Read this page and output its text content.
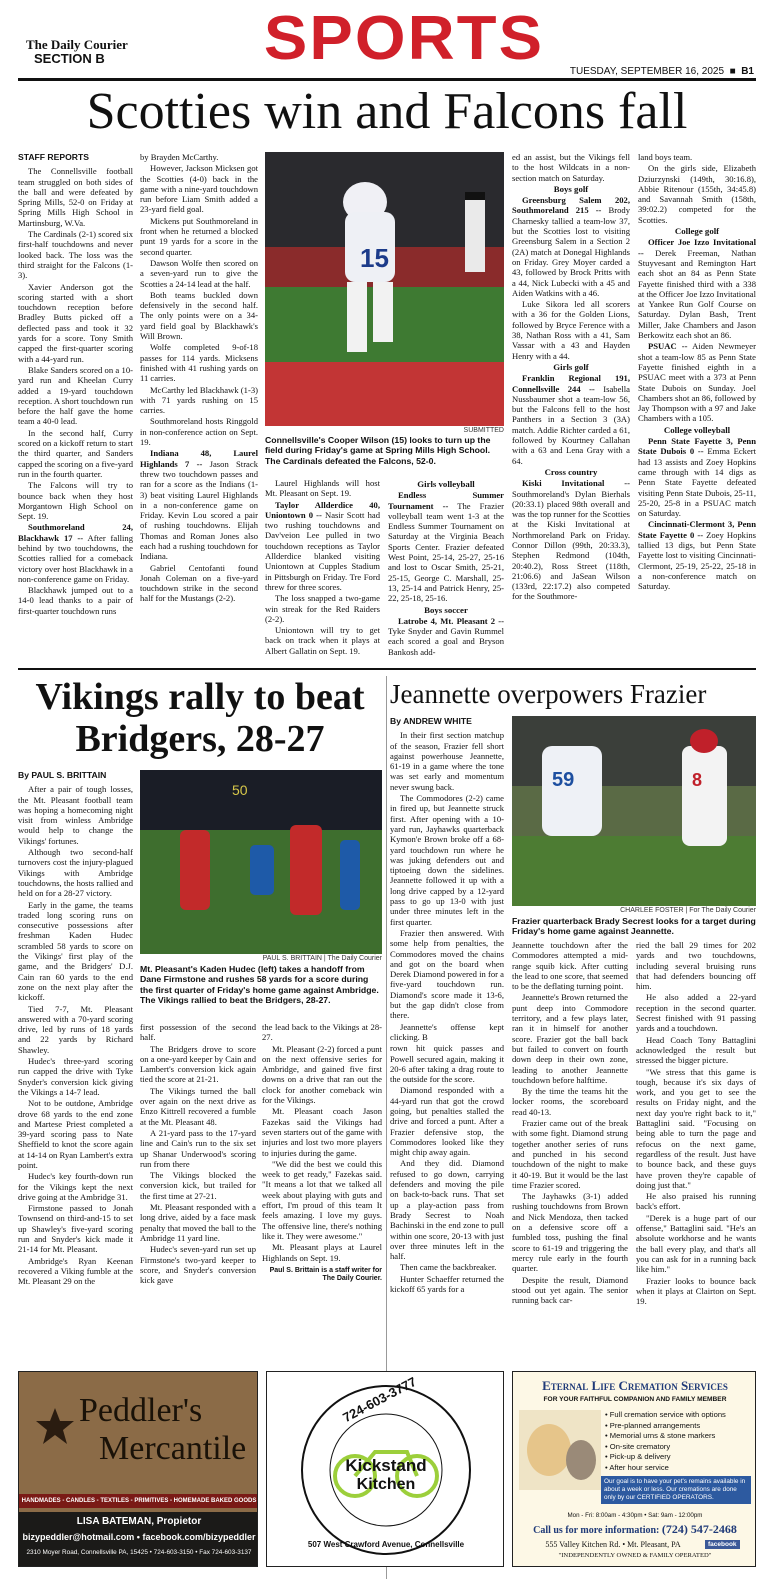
The Daily Courier
SECTION B	SPORTS	TUESDAY, SEPTEMBER 16, 2025  ■  B1
Scotties win and Falcons fall
STAFF REPORTS

The Connellsville football team struggled on both sides of the ball and were defeated by Spring Mills, 52-0 on Friday at Spring Mills High School in Martinsburg, W.Va.

The Cardinals (2-1) scored six first-half touchdowns and never looked back. The loss was the third straight for the Falcons (1-3).

Xavier Anderson got the scoring started with a short touchdown reception before Bradley Butts picked off a deflected pass and took it 32 yards for a score. Tony Smith capped the first-quarter scoring with a 44-yard run.

Blake Sanders scored on a 10-yard run and Kheelan Curry added a 19-yard touchdown reception. A short touchdown run before the half gave the home team a 40-0 lead.

In the second half, Curry scored on a kickoff return to start the third quarter, and Sanders capped the scoring on a five-yard run in the fourth quarter.

The Falcons will try to bounce back when they host Morgantown High School on Sept. 19.

Southmoreland 24, Blackhawk 17 -- After falling behind by two touchdowns, the Scotties rallied for a comeback victory over host Blackhawk in a non-conference game on Friday.

Blackhawk jumped out to a 14-0 lead thanks to a pair of first-quarter touchdown runs

by Brayden McCarthy.

However, Jackson Micksen got the Scotties (4-0) back in the game with a nine-yard touchdown run before Liam Smith added a 23-yard field goal.

Mickens put Southmoreland in front when he returned a blocked punt 19 yards for a score in the second quarter.

Dawson Wolfe then scored on a seven-yard run to give the Scotties a 24-14 lead at the half.

Both teams buckled down defensively in the second half. The only points were on a 34-yard field goal by Blackhawk's Will Brown.

Wolfe completed 9-of-18 passes for 114 yards. Micksens finished with 41 rushing yards on 11 carries.

McCarthy led Blackhawk (1-3) with 71 yards rushing on 15 carries.

Southmoreland hosts Ringgold in non-conference action on Sept. 19.

Indiana 48, Laurel Highlands 7 -- Jason Strack threw two touchdown passes and ran for a score as the Indians (1-3) beat visiting Laurel Highlands in a non-conference game on Friday. Kevin Lou scored a pair of rushing touchdowns. Elijah Thomas and Roman Jones also each had a rushing touchdown for Indiana.

Gabriel Centofanti found Jonah Coleman on a five-yard touchdown strike in the second half for the Mustangs (2-2).

15
SUBMITTED
Connellsville's Cooper Wilson (15) looks to turn up the field during Friday's game at Spring Mills High School. The Cardinals defeated the Falcons, 52-0.

Laurel Highlands will host Mt. Pleasant on Sept. 19.

Taylor Allderdice 40, Uniontown 0 -- Nasir Scott had two rushing touchdowns and Dav'veion Lee pulled in two touchdown receptions as Taylor Allderdice blanked visiting Uniontown at Cupples Stadium in Pittsburgh on Friday. Tre Ford threw for three scores.

The loss snapped a two-game win streak for the Red Raiders (2-2).

Uniontown will try to get back on track when it plays at Albert Gallatin on Sept. 19.

Girls volleyball

Endless Summer Tournament -- The Frazier volleyball team went 1-3 at the Endless Summer Tournament on Saturday at the Virginia Beach Sports Center. Frazier defeated West Point, 25-14, 25-27, 25-16 and lost to Oscar Smith, 25-21, 25-15, George C. Marshall, 25-13, 25-14 and Patrick Henry, 25-22, 25-18, 25-16.

Boys soccer

Latrobe 4, Mt. Pleasant 2 -- Tyke Snyder and Gavin Rummel each scored a goal and Bryson Bankosh add-

ed an assist, but the Vikings fell to the host Wildcats in a non-section match on Saturday.

Boys golf

Greensburg Salem 202, Southmoreland 215 -- Brody Charnesky tallied a team-low 37, but the Scotties lost to visiting Greensburg Salem in a Section 2 (2A) match at Donegal Highlands on Friday. Grey Moyer carded a 43, followed by Brock Pritts with a 44, Nick Lubecki with a 45 and Aiden Watkins with a 46.

Luke Sikora led all scorers with a 36 for the Golden Lions, followed by Bryce Ference with a 38, Nathan Ross with a 41, Sam Vassar with a 43 and Hayden Henry with a 44.

Girls golf

Franklin Regional 191, Connellsville 244 -- Isabella Nussbaumer shot a team-low 56, but the Falcons fell to the host Panthers in a Section 3 (3A) match. Addie Richter carded a 61, followed by Kourtney Callahan with a 63 and Lena Gray with a 64.

Cross country

Kiski Invitational -- Southmoreland's Dylan Bierhals (20:33.1) placed 98th overall and was the top runner for the Scotties at the Kiski Invitational at Northmoreland Park on Friday. Connor Dillon (99th, 20:33.3), Stephen Redmond (104th, 20:40.2), Ross Street (118th, 21:06.6) and JaSean Wilson (133rd, 22:17.2) also competed for the Southmore-

land boys team.

On the girls side, Elizabeth Dziurzynski (149th, 30:16.8), Abbie Ritenour (155th, 34:45.8) and Savannah Smith (158th, 39:02.2) competed for the Scotties.

College golf

Officer Joe Izzo Invitational -- Derek Freeman, Nathan Stuyvesant and Remington Hart each shot an 84 as Penn State Fayette finished third with a 338 at the Officer Joe Izzo Invitational at Yankee Run Golf Course on Saturday. Dylan Bash, Trent Miller, Jake Chambers and Jason Berkowitz each shot an 86.

PSUAC -- Aiden Newmeyer shot a team-low 85 as Penn State Fayette finished eighth in a PSUAC meet with a 373 at Penn State Dubois on Sunday. Joel Chambers shot an 86, followed by Jay Thompson with a 97 and Jake Chambers with a 105.

College volleyball

Penn State Fayette 3, Penn State Dubois 0 -- Emma Eckert had 13 assists and Zoey Hopkins came through with 14 digs as Penn State Fayette defeated visiting Penn State Dubois, 25-11, 25-20, 25-8 in a PSUAC match on Saturday.

Cincinnati-Clermont 3, Penn State Fayette 0 -- Zoey Hopkins tallied 13 digs, but Penn State Fayette lost to visiting Cincinnati-Clermont, 25-19, 25-22, 25-18 in a non-conference match on Saturday.

Vikings rally to beat Bridgers, 28-27
By PAUL S. BRITTAIN

After a pair of tough losses, the Mt. Pleasant football team was hoping a homecoming night visit from winless Ambridge would help to change the Vikings' fortunes.

Although two second-half turnovers cost the injury-plagued Vikings with Ambridge touchdowns, the hosts rallied and held on for a 28-27 victory.

Early in the game, the teams traded long scoring runs on consecutive possessions after freshman Kaden Hudec scrambled 58 yards to score on the Vikings' first play of the game, and the Bridgers' D.J. Cain ran 60 yards to the end zone on the next play after the kickoff.

Tied 7-7, Mt. Pleasant answered with a 70-yard scoring drive, led by runs of 18 yards and 22 yards by Richard Shawley.

Hudec's three-yard scoring run capped the drive with Tyke Snyder's conversion kick giving the Vikings a 14-7 lead.

Not to be outdone, Ambridge drove 68 yards to the end zone and Martese Priest completed a 39-yard scoring pass to Nate Sheffield to knot the score again at 14-14 on Ryan Lambert's extra point.

Hudec's key fourth-down run for the Vikings kept the next drive going at the Ambridge 31.

Firmstone passed to Jonah Townsend on third-and-15 to set up Shawley's five-yard scoring run and Snyder's kick made it 21-14 for Mt. Pleasant.

Ambridge's Ryan Keenan recovered a Viking fumble at the Mt. Pleasant 29 on the

50
PAUL S. BRITTAIN | The Daily Courier
Mt. Pleasant's Kaden Hudec (left) takes a handoff from Dane Firmstone and rushes 58 yards for a score during the first quarter of Friday's home game against Ambridge. The Vikings rallied to beat the Bridgers, 28-27.

first possession of the second half.

The Bridgers drove to score on a one-yard keeper by Cain and Lambert's conversion kick again tied the score at 21-21.

The Vikings turned the ball over again on the next drive as Enzo Kittrell recovered a fumble at the Mt. Pleasant 48.

A 21-yard pass to the 17-yard line and Cain's run to the six set up Shanar Underwood's scoring run from there

The Vikings blocked the conversion kick, but trailed for the first time at 27-21.

Mt. Pleasant responded with a long drive, aided by a face mask penalty that moved the ball to the Ambridge 11 yard line.

Hudec's seven-yard run set up Firmstone's two-yard keeper to score, and Snyder's conversion kick gave

the lead back to the Vikings at 28-27.

Mt. Pleasant (2-2) forced a punt on the next offensive series for Ambridge, and gained five first downs on a drive that ran out the clock for another comeback win for the Vikings.

Mt. Pleasant coach Jason Fazekas said the Vikings had seven starters out of the game with injuries and lost two more players to injuries during the game.

"We did the best we could this week to get ready," Fazekas said. "It means a lot that we talked all week about playing with guts and effort, I'm proud of this team It feels amazing. I love my guys. The offensive line, there's nothing like it. They were awesome."

Mt. Pleasant plays at Laurel Highlands on Sept. 19.

Paul S. Brittain is a staff writer for The Daily Courier.

Jeannette overpowers Frazier
By ANDREW WHITE

In their first section matchup of the season, Frazier fell short against powerhouse Jeannette, 61-19 in a game where the tone was set early and momentum never swung back.

The Commodores (2-2) came in fired up, but Jeannette struck first. After opening with a 10-yard run, Jayhawks quarterback Kymon'e Brown broke off a 68-yard touchdown run where he was juking defenders out and tiptoeing down the sidelines. Jeannette followed it up with a long drive capped by a 12-yard pass to go up 13-0 with just under three minutes left in the first quarter.

Frazier then answered. With some help from penalties, the Commodores moved the chains and got on the board when Derek Diamond powered in for a five-yard touchdown run. Diamond's score made it 13-6, but the gap didn't close from there.

Jeannette's offense kept clicking. B

rown hit quick passes and Powell secured again, making it 20-6 after taking a drag route to the outside for the score.

Diamond responded with a 44-yard run that got the crowd going, but penalties stalled the drive and forced a punt. After a Frazier defensive stop, the Commodores looked like they might chip away again.

And they did. Diamond refused to go down, carrying defenders and moving the pile on back-to-back runs. That set up a play-action pass from Brady Secrest to Noah Bachinski in the end zone to pull within one score, 20-13 with just over three minutes left in the half.

Then came the backbreaker.

Hunter Schaeffer returned the kickoff 65 yards for a

59	8
CHARLEE FOSTER | For The Daily Courier
Frazier quarterback Brady Secrest looks for a target during Friday's home game against Jeannette.

Jeannette touchdown after the Commodores attempted a mid-range squib kick. After cutting the lead to one score, that seemed to be the deflating turning point.

Jeannette's Brown returned the punt deep into Commodore territory, and a few plays later, ran it in himself for another score. Frazier got the ball back but failed to convert on fourth down deep in their own zone, leading to another Jeannette touchdown before halftime.

By the time the teams hit the locker rooms, the scoreboard read 40-13.

Frazier came out of the break with some fight. Diamond strung together another series of runs and punched in his second touchdown of the night to make it 40-19. But it would be the last time Frazier scored.

The Jayhawks (3-1) added rushing touchdowns from Brown and Nick Mendoza, then tacked on a defensive score off a fumbled toss, pushing the final score to 61-19 and triggering the mercy rule early in the fourth quarter.

Despite the result, Diamond stood out yet again. The senior running back car-

ried the ball 29 times for 202 yards and two touchdowns, including several bruising runs that had defenders bouncing off him.

He also added a 22-yard reception in the second quarter. Secrest finished with 91 passing yards and a touchdown.

Head Coach Tony Battaglini acknowledged the result but stressed the bigger picture.

"We stress that this game is tough, because it's six days of work, and you get to see the results on Friday night, and the next day you're right back to it," Battaglini said. "Focusing on being able to turn the page and refocus on the next game, regardless of the result. Just have to bounce back, and these guys have proven they're capable of doing just that."

He also praised his running back's effort.

"Derek is a huge part of our offense," Battaglini said. "He's an absolute workhorse and he wants the ball every play, and that's all you can ask for in a running back like him."

Frazier looks to bounce back when it plays at Clairton on Sept. 19.

Peddler's
Mercantile
HANDMADES - CANDLES - TEXTILES - PRIMITIVES - HOMEMADE BAKED GOODS
LISA BATEMAN, Propietor
bizypeddler@hotmail.com • facebook.com/bizypeddler
2310 Moyer Road, Connellsville PA, 15425 • 724-603-3150 • Fax 724-603-3137
724-603-3777
Kickstand
Kitchen
507 West Crawford Avenue, Connellsville
Eternal Life Cremation Services
FOR YOUR FAITHFUL COMPANION AND FAMILY MEMBER
• Full cremation service with options
• Pre-planned arrangements
• Memorial urns & stone markers
• On-site crematory
• Pick-up & delivery
• After hour service
Our goal is to have your pet's remains available in about a week or less. Our cremations are done only by our CERTIFIED OPERATORS.
Mon - Fri: 8:00am - 4:30pm • Sat: 9am - 12:00pm
Call us for more information: (724) 547-2468
555 Valley Kitchen Rd. • Mt. Pleasant, PA	facebook
"INDEPENDENTLY OWNED & FAMILY OPERATED"
